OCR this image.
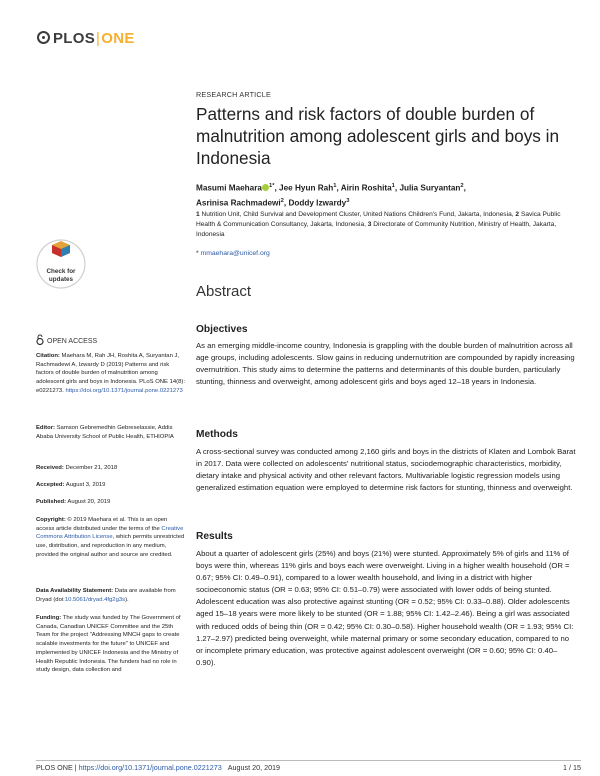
PLOS|ONE
RESEARCH ARTICLE
Patterns and risk factors of double burden of malnutrition among adolescent girls and boys in Indonesia
Masumi Maehara $^{1*}$, Jee Hyun Rah$^1$, Airin Roshita$^1$, Julia Suryantan$^2$,
Asrinisa Rachmadewi$^2$, Doddy Izwardy$^3$
1 Nutrition Unit, Child Survival and Development Cluster, United Nations Children's Fund, Jakarta, Indonesia, 2 Savica Public Health & Communication Consultancy, Jakarta, Indonesia, 3 Directorate of Community Nutrition, Ministry of Health, Jakarta, Indonesia
* mmaehara@unicef.org
Abstract
Objectives
As an emerging middle-income country, Indonesia is grappling with the double burden of malnutrition across all age groups, including adolescents. Slow gains in reducing undernutrition are compounded by rapidly increasing overnutrition. This study aims to determine the patterns and determinants of this double burden, particularly stunting, thinness and overweight, among adolescent girls and boys aged 12–18 years in Indonesia.
Methods
A cross-sectional survey was conducted among 2,160 girls and boys in the districts of Klaten and Lombok Barat in 2017. Data were collected on adolescents' nutritional status, sociodemographic characteristics, morbidity, dietary intake and physical activity and other relevant factors. Multivariable logistic regression models using generalized estimation equation were employed to determine risk factors for stunting, thinness and overweight.
Results
About a quarter of adolescent girls (25%) and boys (21%) were stunted. Approximately 5% of girls and 11% of boys were thin, whereas 11% girls and boys each were overweight. Living in a higher wealth household (OR = 0.67; 95% CI: 0.49–0.91), compared to a lower wealth household, and living in a district with higher socioeconomic status (OR = 0.63; 95% CI: 0.51–0.79) were associated with lower odds of being stunted. Adolescent education was also protective against stunting (OR = 0.52; 95% CI: 0.33–0.88). Older adolescents aged 15–18 years were more likely to be stunted (OR = 1.88; 95% CI: 1.42–2.46). Being a girl was associated with reduced odds of being thin (OR = 0.42; 95% CI: 0.30–0.58). Higher household wealth (OR = 1.93; 95% CI: 1.27–2.97) predicted being overweight, while maternal primary or some secondary education, compared to no or incomplete primary education, was protective against adolescent overweight (OR = 0.60; 95% CI: 0.40–0.90).
Check for
updates
OPEN ACCESS
Citation: Maehara M, Rah JH, Roshita A, Suryantan J, Rachmadewi A, Izwardy D (2019) Patterns and risk factors of double burden of malnutrition among adolescent girls and boys in Indonesia. PLoS ONE 14(8): e0221273. https://doi.org/10.1371/journal.pone.0221273
Editor: Samson Gebremedhin Gebreselassie, Addis Ababa University School of Public Health, ETHIOPIA
Received: December 21, 2018
Accepted: August 3, 2019
Published: August 20, 2019
Copyright: © 2019 Maehara et al. This is an open access article distributed under the terms of the Creative Commons Attribution License, which permits unrestricted use, distribution, and reproduction in any medium, provided the original author and source are credited.
Data Availability Statement: Data are available from Dryad (doi:10.5061/dryad.4fg2g3s).
Funding: The study was funded by The Government of Canada, Canadian UNICEF Committee and the 25th Team for the project "Addressing MNCH gaps to create scalable investments for the future" to UNICEF and implemented by UNICEF Indonesia and the Ministry of Health Republic Indonesia. The funders had no role in study design, data collection and
PLOS ONE | https://doi.org/10.1371/journal.pone.0221273 August 20, 2019	1 / 15
